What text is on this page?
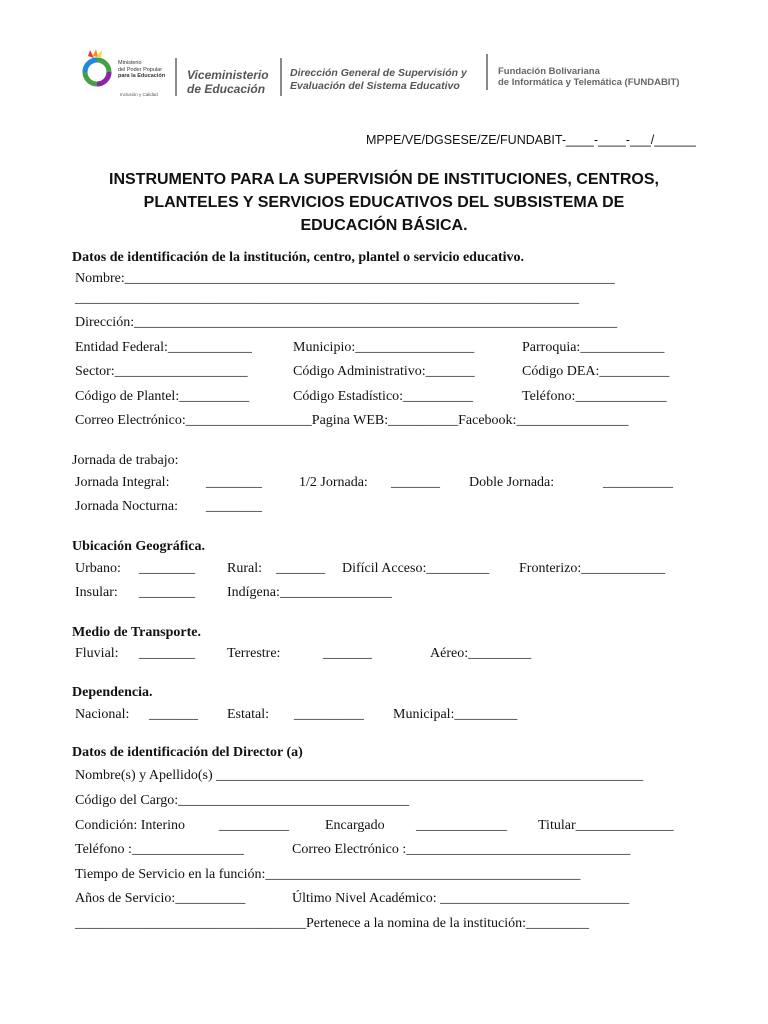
Ministerio
del Poder Popular
para la Educación
Inclusión y Calidad
Viceministerio
de Educación
Dirección General de Supervisión y
Evaluación del Sistema Educativo
Fundación Bolivariana
de Informática y Telemática (FUNDABIT)
MPPE/VE/DGSESE/ZE/FUNDABIT-____-____-___/______
INSTRUMENTO PARA LA SUPERVISIÓN DE INSTITUCIONES, CENTROS,
PLANTELES Y SERVICIOS EDUCATIVOS DEL SUBSISTEMA DE
EDUCACIÓN BÁSICA.
Datos de identificación de la institución, centro, plantel o servicio educativo.
Nombre:______________________________________________________________________
________________________________________________________________________
Dirección:_____________________________________________________________________
Entidad Federal:____________	Municipio:_________________	Parroquia:____________
Sector:___________________	Código Administrativo:_______	Código DEA:__________
Código de Plantel:__________	Código Estadístico:__________	Teléfono:_____________
Correo Electrónico:__________________Pagina WEB:__________Facebook:________________
Jornada de trabajo:
Jornada Integral:	________	1/2 Jornada: _______ Doble Jornada:	__________
Jornada Nocturna: ________
Ubicación Geográfica.
Urbano: ________ Rural: _______ Difícil Acceso:_________ Fronterizo:____________
Insular: ________ Indígena:________________
Medio de Transporte.
Fluvial: ________ Terrestre:	_______	Aéreo:_________
Dependencia.
Nacional: _______ Estatal: __________ Municipal:_________
Datos de identificación del Director (a)
Nombre(s) y Apellido(s) _____________________________________________________________
Código del Cargo:_________________________________
Condición: Interino __________	Encargado _____________ Titular______________
Teléfono :________________	Correo Electrónico :________________________________
Tiempo de Servicio en la función:_____________________________________________
Años de Servicio:__________	Último Nivel Académico: ___________________________
_________________________________Pertenece a la nomina de la institución:_________
